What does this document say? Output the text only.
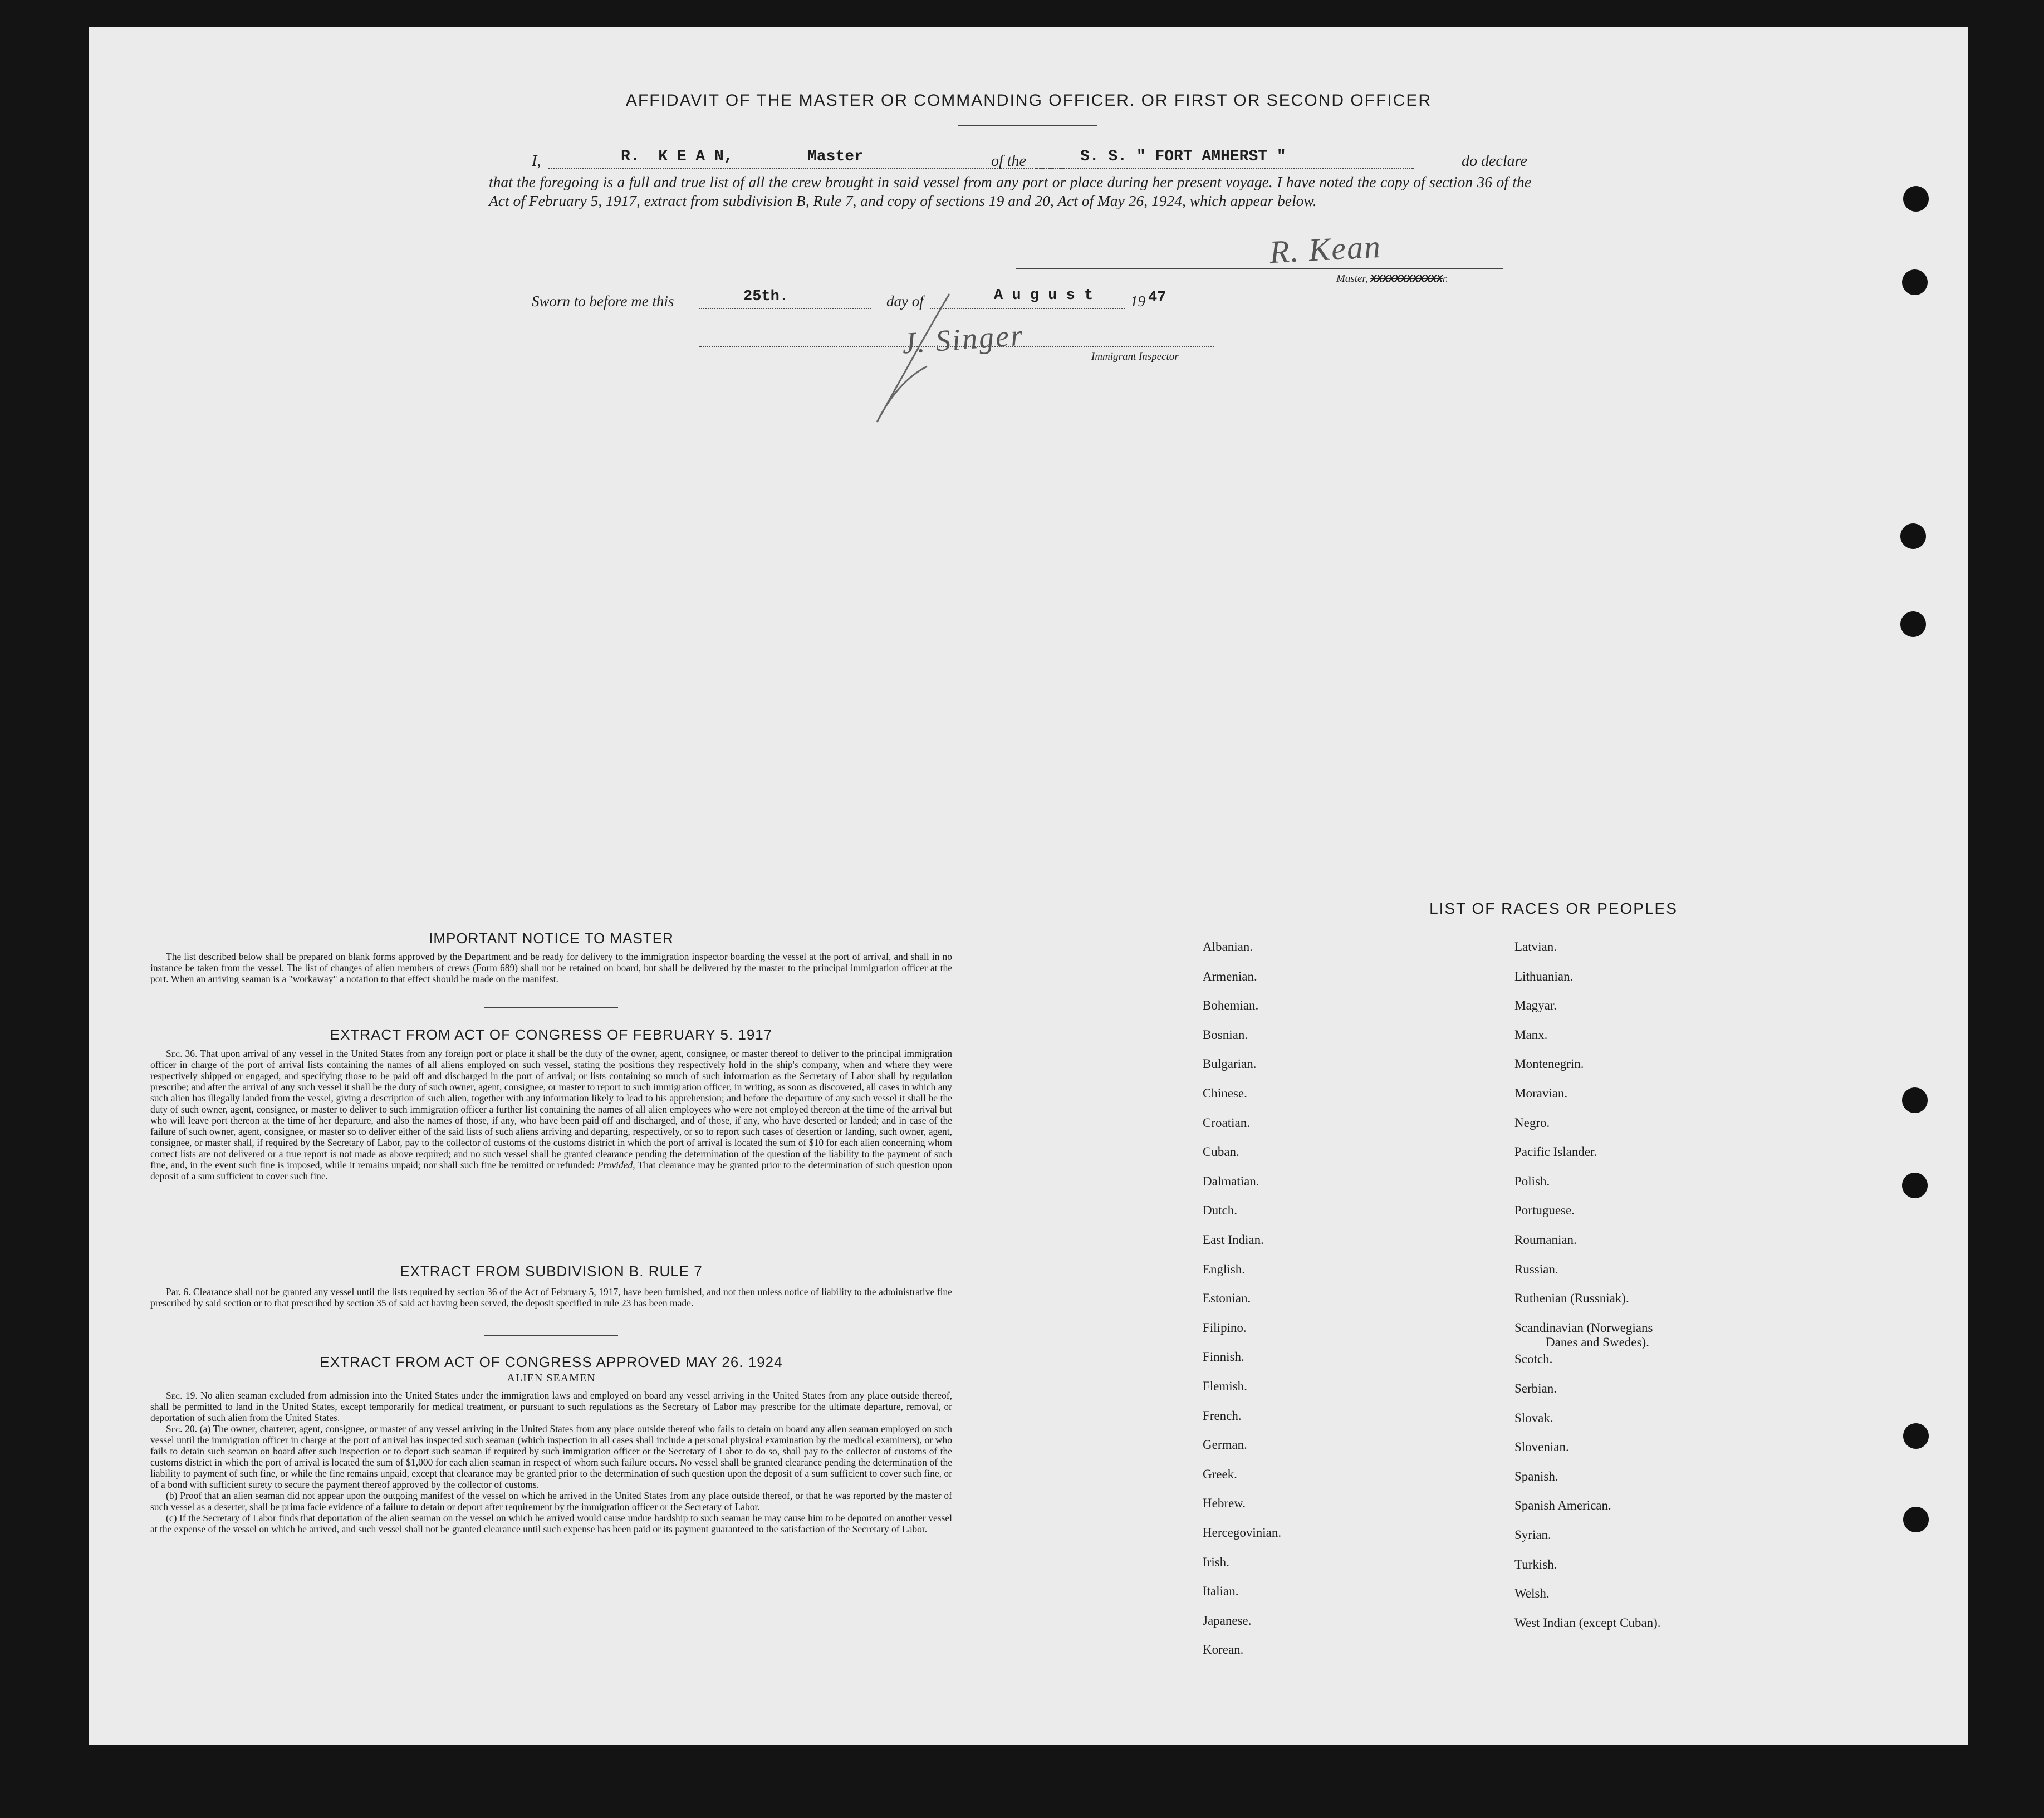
AFFIDAVIT OF THE MASTER OR COMMANDING OFFICER. OR FIRST OR SECOND OFFICER
I,	R.  K E A N,	Master	of the	S. S. " FORT AMHERST "	do declare
that the foregoing is a full and true list of all the crew brought in said vessel from any port or place during her present voyage. I have noted the copy of section 36 of the Act of February 5, 1917, extract from subdivision B, Rule 7, and copy of sections 19 and 20, Act of May 26, 1924, which appear below.
R. Kean
Master, XXXXXXXXXXXXr.
Sworn to before me this	25th.	day of	A u g u s t 19 47
J. Singer	Immigrant Inspector
IMPORTANT NOTICE TO MASTER

The list described below shall be prepared on blank forms approved by the Department and be ready for delivery to the immigration inspector boarding the vessel at the port of arrival, and shall in no instance be taken from the vessel. The list of changes of alien members of crews (Form 689) shall not be retained on board, but shall be delivered by the master to the principal immigration officer at the port. When an arriving seaman is a "workaway" a notation to that effect should be made on the manifest.

EXTRACT FROM ACT OF CONGRESS OF FEBRUARY 5. 1917

Sec. 36. That upon arrival of any vessel in the United States from any foreign port or place it shall be the duty of the owner, agent, consignee, or master thereof to deliver to the principal immigration officer in charge of the port of arrival lists containing the names of all aliens employed on such vessel, stating the positions they respectively hold in the ship's company, when and where they were respectively shipped or engaged, and specifying those to be paid off and discharged in the port of arrival; or lists containing so much of such information as the Secretary of Labor shall by regulation prescribe; and after the arrival of any such vessel it shall be the duty of such owner, agent, consignee, or master to report to such immigration officer, in writing, as soon as discovered, all cases in which any such alien has illegally landed from the vessel, giving a description of such alien, together with any information likely to lead to his apprehension; and before the departure of any such vessel it shall be the duty of such owner, agent, consignee, or master to deliver to such immigration officer a further list containing the names of all alien employees who were not employed thereon at the time of the arrival but who will leave port thereon at the time of her departure, and also the names of those, if any, who have been paid off and discharged, and of those, if any, who have deserted or landed; and in case of the failure of such owner, agent, consignee, or master so to deliver either of the said lists of such aliens arriving and departing, respectively, or so to report such cases of desertion or landing, such owner, agent, consignee, or master shall, if required by the Secretary of Labor, pay to the collector of customs of the customs district in which the port of arrival is located the sum of $10 for each alien concerning whom correct lists are not delivered or a true report is not made as above required; and no such vessel shall be granted clearance pending the determination of the question of the liability to the payment of such fine, and, in the event such fine is imposed, while it remains unpaid; nor shall such fine be remitted or refunded: Provided, That clearance may be granted prior to the determination of such question upon deposit of a sum sufficient to cover such fine.

EXTRACT FROM SUBDIVISION B. RULE 7

Par. 6. Clearance shall not be granted any vessel until the lists required by section 36 of the Act of February 5, 1917, have been furnished, and not then unless notice of liability to the administrative fine prescribed by said section or to that prescribed by section 35 of said act having been served, the deposit specified in rule 23 has been made.

EXTRACT FROM ACT OF CONGRESS APPROVED MAY 26. 1924
ALIEN SEAMEN

Sec. 19. No alien seaman excluded from admission into the United States under the immigration laws and employed on board any vessel arriving in the United States from any place outside thereof, shall be permitted to land in the United States, except temporarily for medical treatment, or pursuant to such regulations as the Secretary of Labor may prescribe for the ultimate departure, removal, or deportation of such alien from the United States.

Sec. 20. (a) The owner, charterer, agent, consignee, or master of any vessel arriving in the United States from any place outside thereof who fails to detain on board any alien seaman employed on such vessel until the immigration officer in charge at the port of arrival has inspected such seaman (which inspection in all cases shall include a personal physical examination by the medical examiners), or who fails to detain such seaman on board after such inspection or to deport such seaman if required by such immigration officer or the Secretary of Labor to do so, shall pay to the collector of customs of the customs district in which the port of arrival is located the sum of $1,000 for each alien seaman in respect of whom such failure occurs. No vessel shall be granted clearance pending the determination of the liability to payment of such fine, or while the fine remains unpaid, except that clearance may be granted prior to the determination of such question upon the deposit of a sum sufficient to cover such fine, or of a bond with sufficient surety to secure the payment thereof approved by the collector of customs.

(b) Proof that an alien seaman did not appear upon the outgoing manifest of the vessel on which he arrived in the United States from any place outside thereof, or that he was reported by the master of such vessel as a deserter, shall be prima facie evidence of a failure to detain or deport after requirement by the immigration officer or the Secretary of Labor.

(c) If the Secretary of Labor finds that deportation of the alien seaman on the vessel on which he arrived would cause undue hardship to such seaman he may cause him to be deported on another vessel at the expense of the vessel on which he arrived, and such vessel shall not be granted clearance until such expense has been paid or its payment guaranteed to the satisfaction of the Secretary of Labor.

LIST OF RACES OR PEOPLES
Albanian.
Armenian.
Bohemian.
Bosnian.
Bulgarian.
Chinese.
Croatian.
Cuban.
Dalmatian.
Dutch.
East Indian.
English.
Estonian.
Filipino.
Finnish.
Flemish.
French.
German.
Greek.
Hebrew.
Hercegovinian.
Irish.
Italian.
Japanese.
Korean.
Latvian.
Lithuanian.
Magyar.
Manx.
Montenegrin.
Moravian.
Negro.
Pacific Islander.
Polish.
Portuguese.
Roumanian.
Russian.
Ruthenian (Russniak).
Scandinavian (Norwegians
Danes and Swedes).
Scotch.
Serbian.
Slovak.
Slovenian.
Spanish.
Spanish American.
Syrian.
Turkish.
Welsh.
West Indian (except Cuban).
